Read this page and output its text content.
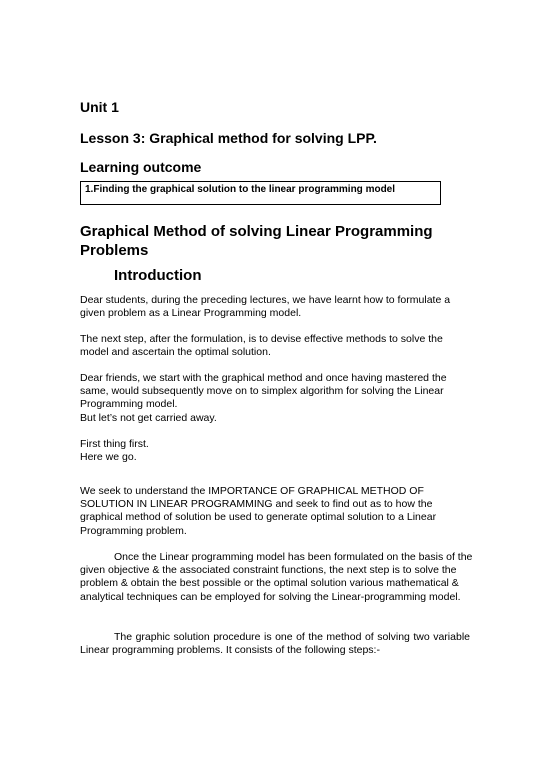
Unit 1

Lesson 3: Graphical method for solving LPP.

Learning outcome

1.Finding the graphical solution to the linear programming model
Graphical Method of solving Linear Programming
Problems

Introduction

Dear students, during the preceding lectures, we have learnt how to formulate a given problem as a Linear Programming model.

The next step, after the formulation, is to devise effective methods to solve the model and ascertain the optimal solution.

Dear friends, we start with the graphical method and once having mastered the same, would subsequently move on to simplex algorithm for solving the Linear Programming model.
But let’s not get carried away.
First thing first.
Here we go.

We seek to understand the IMPORTANCE OF GRAPHICAL METHOD OF SOLUTION IN LINEAR PROGRAMMING and seek to find out as to how the graphical method of solution be used to generate optimal solution to a Linear Programming problem.

Once the Linear programming model has been formulated on the basis of the given objective & the associated constraint functions, the next step is to solve the problem & obtain the best possible or the optimal solution various mathematical & analytical techniques can be employed for solving the Linear-programming model.

The graphic solution procedure is one of the method of solving two variable Linear programming problems. It consists of the following steps:-
